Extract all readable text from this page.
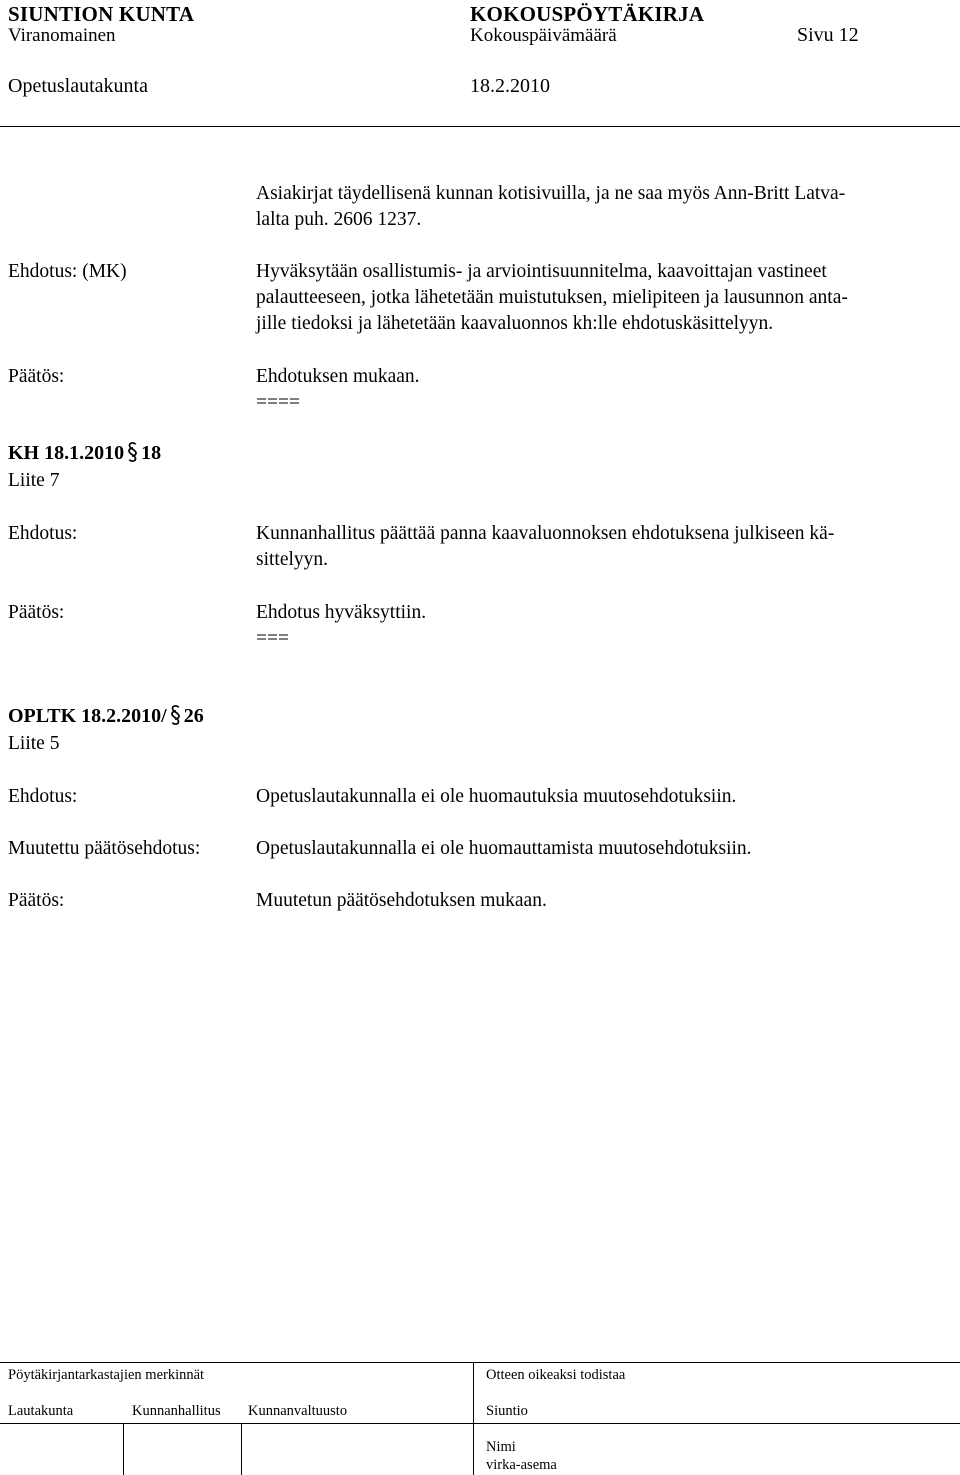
SIUNTION KUNTA	KOKOUSPÖYTÄKIRJA
Viranomainen	Kokouspäivämäärä	Sivu 12
Opetuslautakunta	18.2.2010
Asiakirjat täydellisenä kunnan kotisivuilla, ja ne saa myös Ann-Britt Latva-
lalta puh. 2606 1237.
Ehdotus: (MK)	Hyväksytään osallistumis- ja arviointisuunnitelma, kaavoittajan vastineet
palautteeseen, jotka lähetetään muistutuksen, mielipiteen ja lausunnon anta-
jille tiedoksi ja lähetetään kaavaluonnos kh:lle ehdotuskäsittelyyn.
Päätös:	Ehdotuksen mukaan.
====
KH 18.1.2010 18
Liite 7
Ehdotus:	Kunnanhallitus päättää panna kaavaluonnoksen ehdotuksena julkiseen kä-
sittelyyn.
Päätös:	Ehdotus hyväksyttiin.
===
OPLTK 18.2.2010/ 26
Liite 5
Ehdotus:	Opetuslautakunnalla ei ole huomautuksia muutosehdotuksiin.
Muutettu päätösehdotus:	Opetuslautakunnalla ei ole huomauttamista muutosehdotuksiin.
Päätös:	Muutetun päätösehdotuksen mukaan.
Pöytäkirjantarkastajien merkinnät	Otteen oikeaksi todistaa
Lautakunta	Kunnanhallitus Kunnanvaltuusto	Siuntio
Nimi
virka-asema
